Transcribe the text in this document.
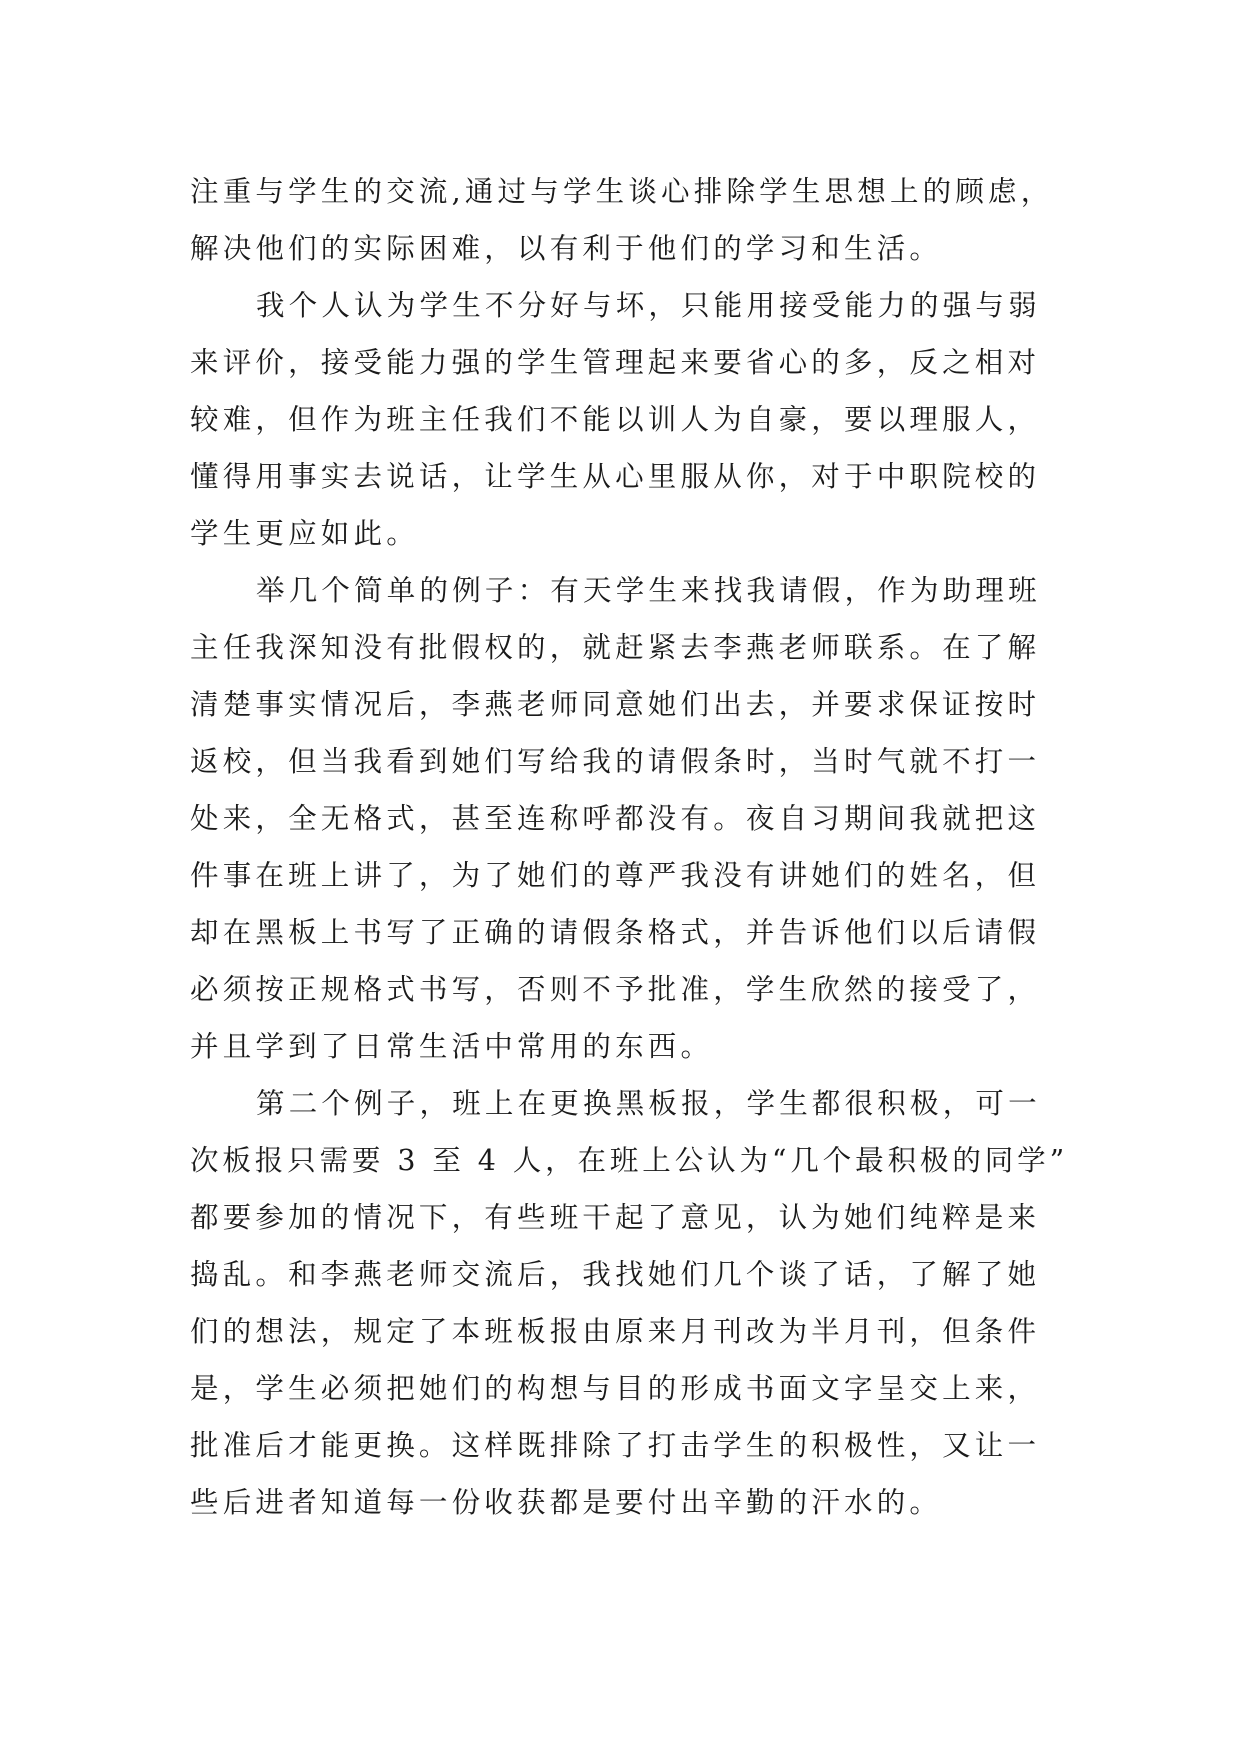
注重与学生的交流,通过与学生谈心排除学生思想上的顾虑，
解决他们的实际困难，以有利于他们的学习和生活。
我个人认为学生不分好与坏，只能用接受能力的强与弱
来评价，接受能力强的学生管理起来要省心的多，反之相对
较难，但作为班主任我们不能以训人为自豪，要以理服人，
懂得用事实去说话，让学生从心里服从你，对于中职院校的
学生更应如此。
举几个简单的例子：有天学生来找我请假，作为助理班
主任我深知没有批假权的，就赶紧去李燕老师联系。在了解
清楚事实情况后，李燕老师同意她们出去，并要求保证按时
返校，但当我看到她们写给我的请假条时，当时气就不打一
处来，全无格式，甚至连称呼都没有。夜自习期间我就把这
件事在班上讲了，为了她们的尊严我没有讲她们的姓名，但
却在黑板上书写了正确的请假条格式，并告诉他们以后请假
必须按正规格式书写，否则不予批准，学生欣然的接受了，
并且学到了日常生活中常用的东西。
第二个例子，班上在更换黑板报，学生都很积极，可一
次板报只需要 3 至 4 人，在班上公认为“几个最积极的同学”
都要参加的情况下，有些班干起了意见，认为她们纯粹是来
捣乱。和李燕老师交流后，我找她们几个谈了话，了解了她
们的想法，规定了本班板报由原来月刊改为半月刊，但条件
是，学生必须把她们的构想与目的形成书面文字呈交上来，
批准后才能更换。这样既排除了打击学生的积极性，又让一
些后进者知道每一份收获都是要付出辛勤的汗水的。
